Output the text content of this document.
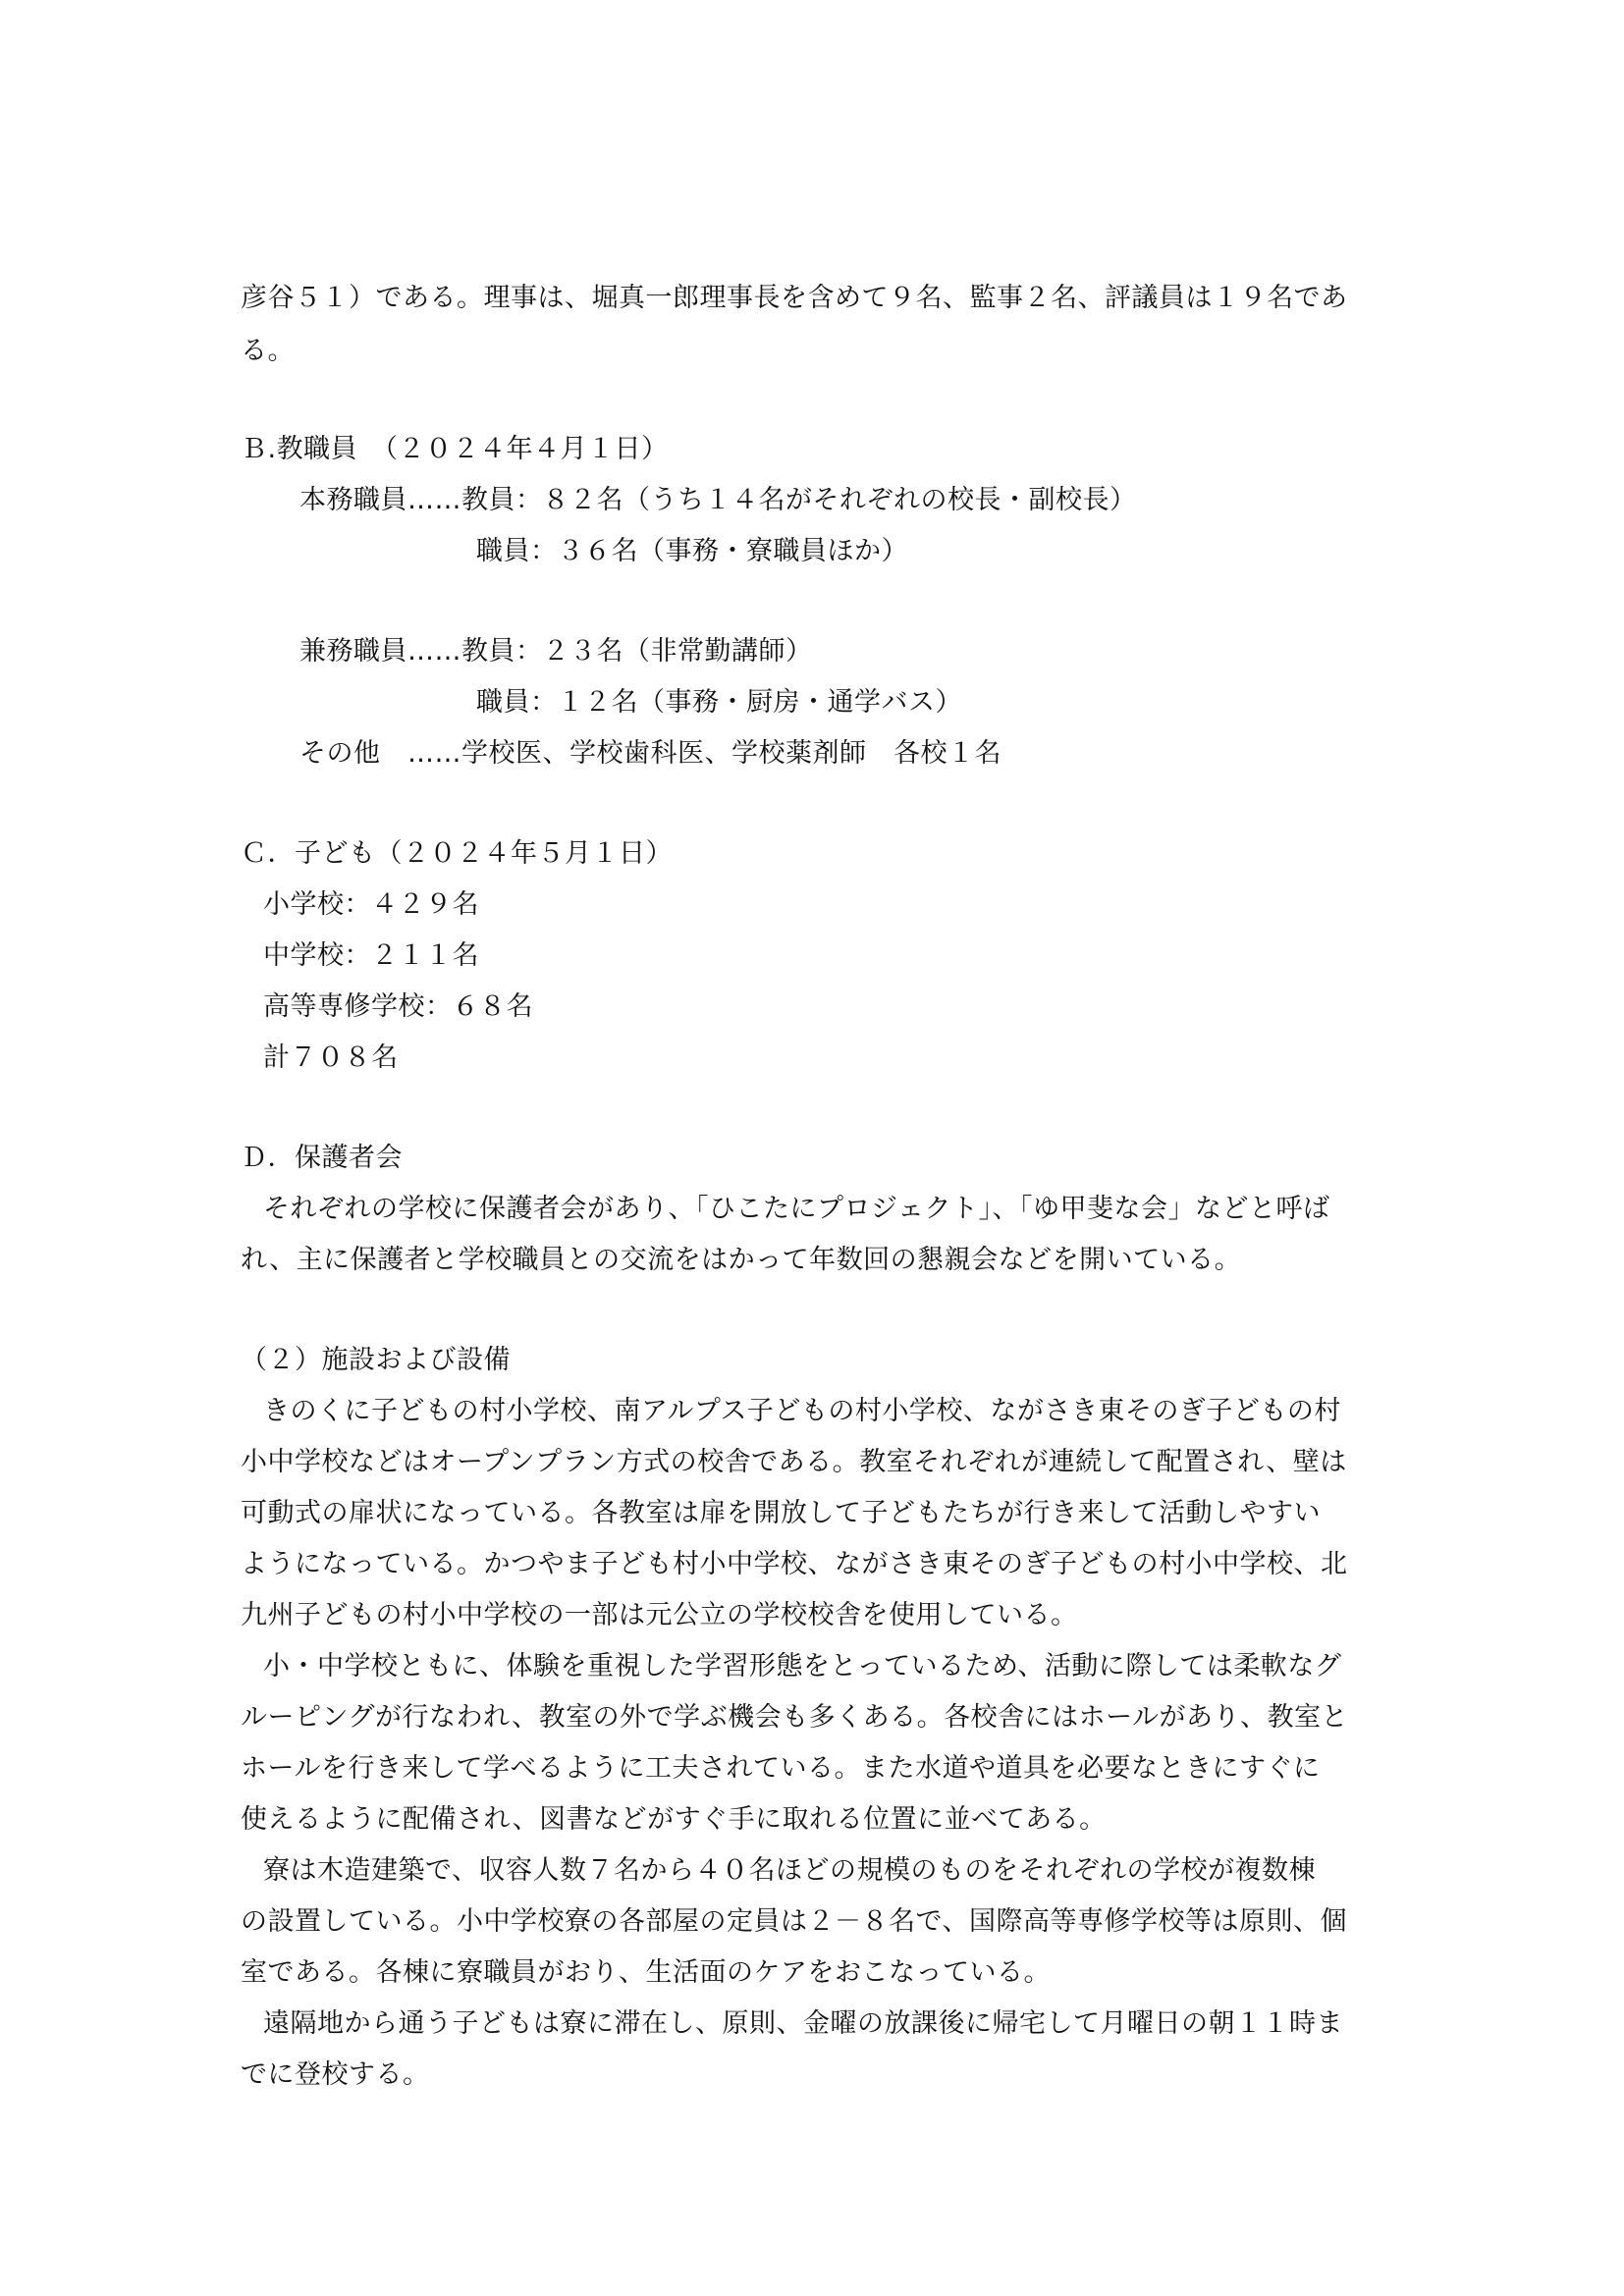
彦谷５１）である。理事は、堀真一郎理事長を含めて９名、監事２名、評議員は１９名であ
る。
Ｂ.教職員　（２０２４年４月１日）
本務職員……教員：８２名（うち１４名がそれぞれの校長・副校長）
職員：３６名（事務・寮職員ほか）
兼務職員……教員：２３名（非常勤講師）
職員：１２名（事務・厨房・通学バス）
その他　……学校医、学校歯科医、学校薬剤師　各校１名
Ｃ．子ども（２０２４年５月１日）
小学校：４２９名
中学校：２１１名
高等専修学校：６８名
計７０８名
Ｄ．保護者会
それぞれの学校に保護者会があり、「ひこたにプロジェクト」、「ゆ甲斐な会」などと呼ば
れ、主に保護者と学校職員との交流をはかって年数回の懇親会などを開いている。
（２）施設および設備
きのくに子どもの村小学校、南アルプス子どもの村小学校、ながさき東そのぎ子どもの村
小中学校などはオープンプラン方式の校舎である。教室それぞれが連続して配置され、壁は
可動式の扉状になっている。各教室は扉を開放して子どもたちが行き来して活動しやすい
ようになっている。かつやま子ども村小中学校、ながさき東そのぎ子どもの村小中学校、北
九州子どもの村小中学校の一部は元公立の学校校舎を使用している。
小・中学校ともに、体験を重視した学習形態をとっているため、活動に際しては柔軟なグ
ルーピングが行なわれ、教室の外で学ぶ機会も多くある。各校舎にはホールがあり、教室と
ホールを行き来して学べるように工夫されている。また水道や道具を必要なときにすぐに
使えるように配備され、図書などがすぐ手に取れる位置に並べてある。
寮は木造建築で、収容人数７名から４０名ほどの規模のものをそれぞれの学校が複数棟
の設置している。小中学校寮の各部屋の定員は２－８名で、国際高等専修学校等は原則、個
室である。各棟に寮職員がおり、生活面のケアをおこなっている。
遠隔地から通う子どもは寮に滞在し、原則、金曜の放課後に帰宅して月曜日の朝１１時ま
でに登校する。
